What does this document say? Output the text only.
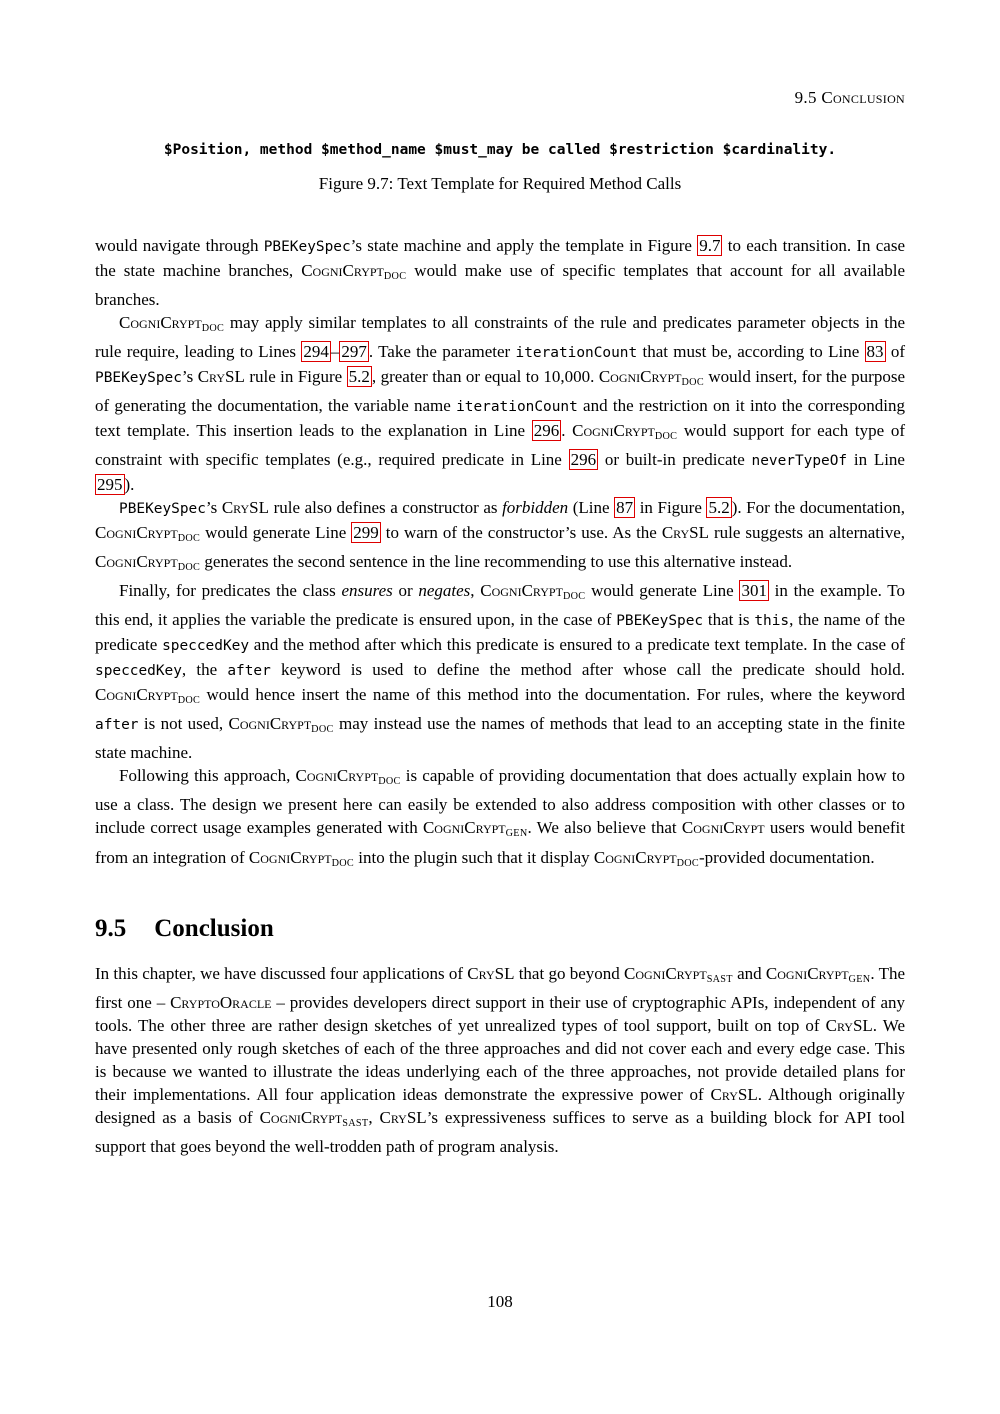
9.5 Conclusion
$Position, method $method_name $must_may be called $restriction $cardinality.
Figure 9.7: Text Template for Required Method Calls

would navigate through PBEKeySpec’s state machine and apply the template in Figure 9.7 to each transition. In case the state machine branches, CogniCryptDOC would make use of specific templates that account for all available branches.

CogniCryptDOC may apply similar templates to all constraints of the rule and predicates parameter objects in the rule require, leading to Lines 294 – 297 . Take the parameter iterationCount that must be, according to Line 83 of PBEKeySpec’s CrySL rule in Figure 5.2 , greater than or equal to 10,000. CogniCryptDOC would insert, for the purpose of generating the documentation, the variable name iterationCount and the restriction on it into the corresponding text template. This insertion leads to the explanation in Line 296 . CogniCryptDOC would support for each type of constraint with specific templates (e.g., required predicate in Line 296 or built-in predicate neverTypeOf in Line 295 ).

PBEKeySpec’s CrySL rule also defines a constructor as forbidden (Line 87 in Figure 5.2 ). For the documentation, CogniCryptDOC would generate Line 299 to warn of the constructor’s use. As the CrySL rule suggests an alternative, CogniCryptDOC generates the second sentence in the line recommending to use this alternative instead.

Finally, for predicates the class ensures or negates, CogniCryptDOC would generate Line 301 in the example. To this end, it applies the variable the predicate is ensured upon, in the case of PBEKeySpec that is this, the name of the predicate speccedKey and the method after which this predicate is ensured to a predicate text template. In the case of speccedKey, the after keyword is used to define the method after whose call the predicate should hold. CogniCryptDOC would hence insert the name of this method into the documentation. For rules, where the keyword after is not used, CogniCryptDOC may instead use the names of methods that lead to an accepting state in the finite state machine.

Following this approach, CogniCryptDOC is capable of providing documentation that does actually explain how to use a class. The design we present here can easily be extended to also address composition with other classes or to include correct usage examples generated with CogniCryptGEN. We also believe that CogniCrypt users would benefit from an integration of CogniCryptDOC into the plugin such that it display CogniCryptDOC-provided documentation.

9.5 Conclusion

In this chapter, we have discussed four applications of CrySL that go beyond CogniCryptSAST and CogniCryptGEN. The first one – CryptoOracle – provides developers direct support in their use of cryptographic APIs, independent of any tools. The other three are rather design sketches of yet unrealized types of tool support, built on top of CrySL. We have presented only rough sketches of each of the three approaches and did not cover each and every edge case. This is because we wanted to illustrate the ideas underlying each of the three approaches, not provide detailed plans for their implementations. All four application ideas demonstrate the expressive power of CrySL. Although originally designed as a basis of CogniCryptSAST, CrySL’s expressiveness suffices to serve as a building block for API tool support that goes beyond the well-trodden path of program analysis.

108
